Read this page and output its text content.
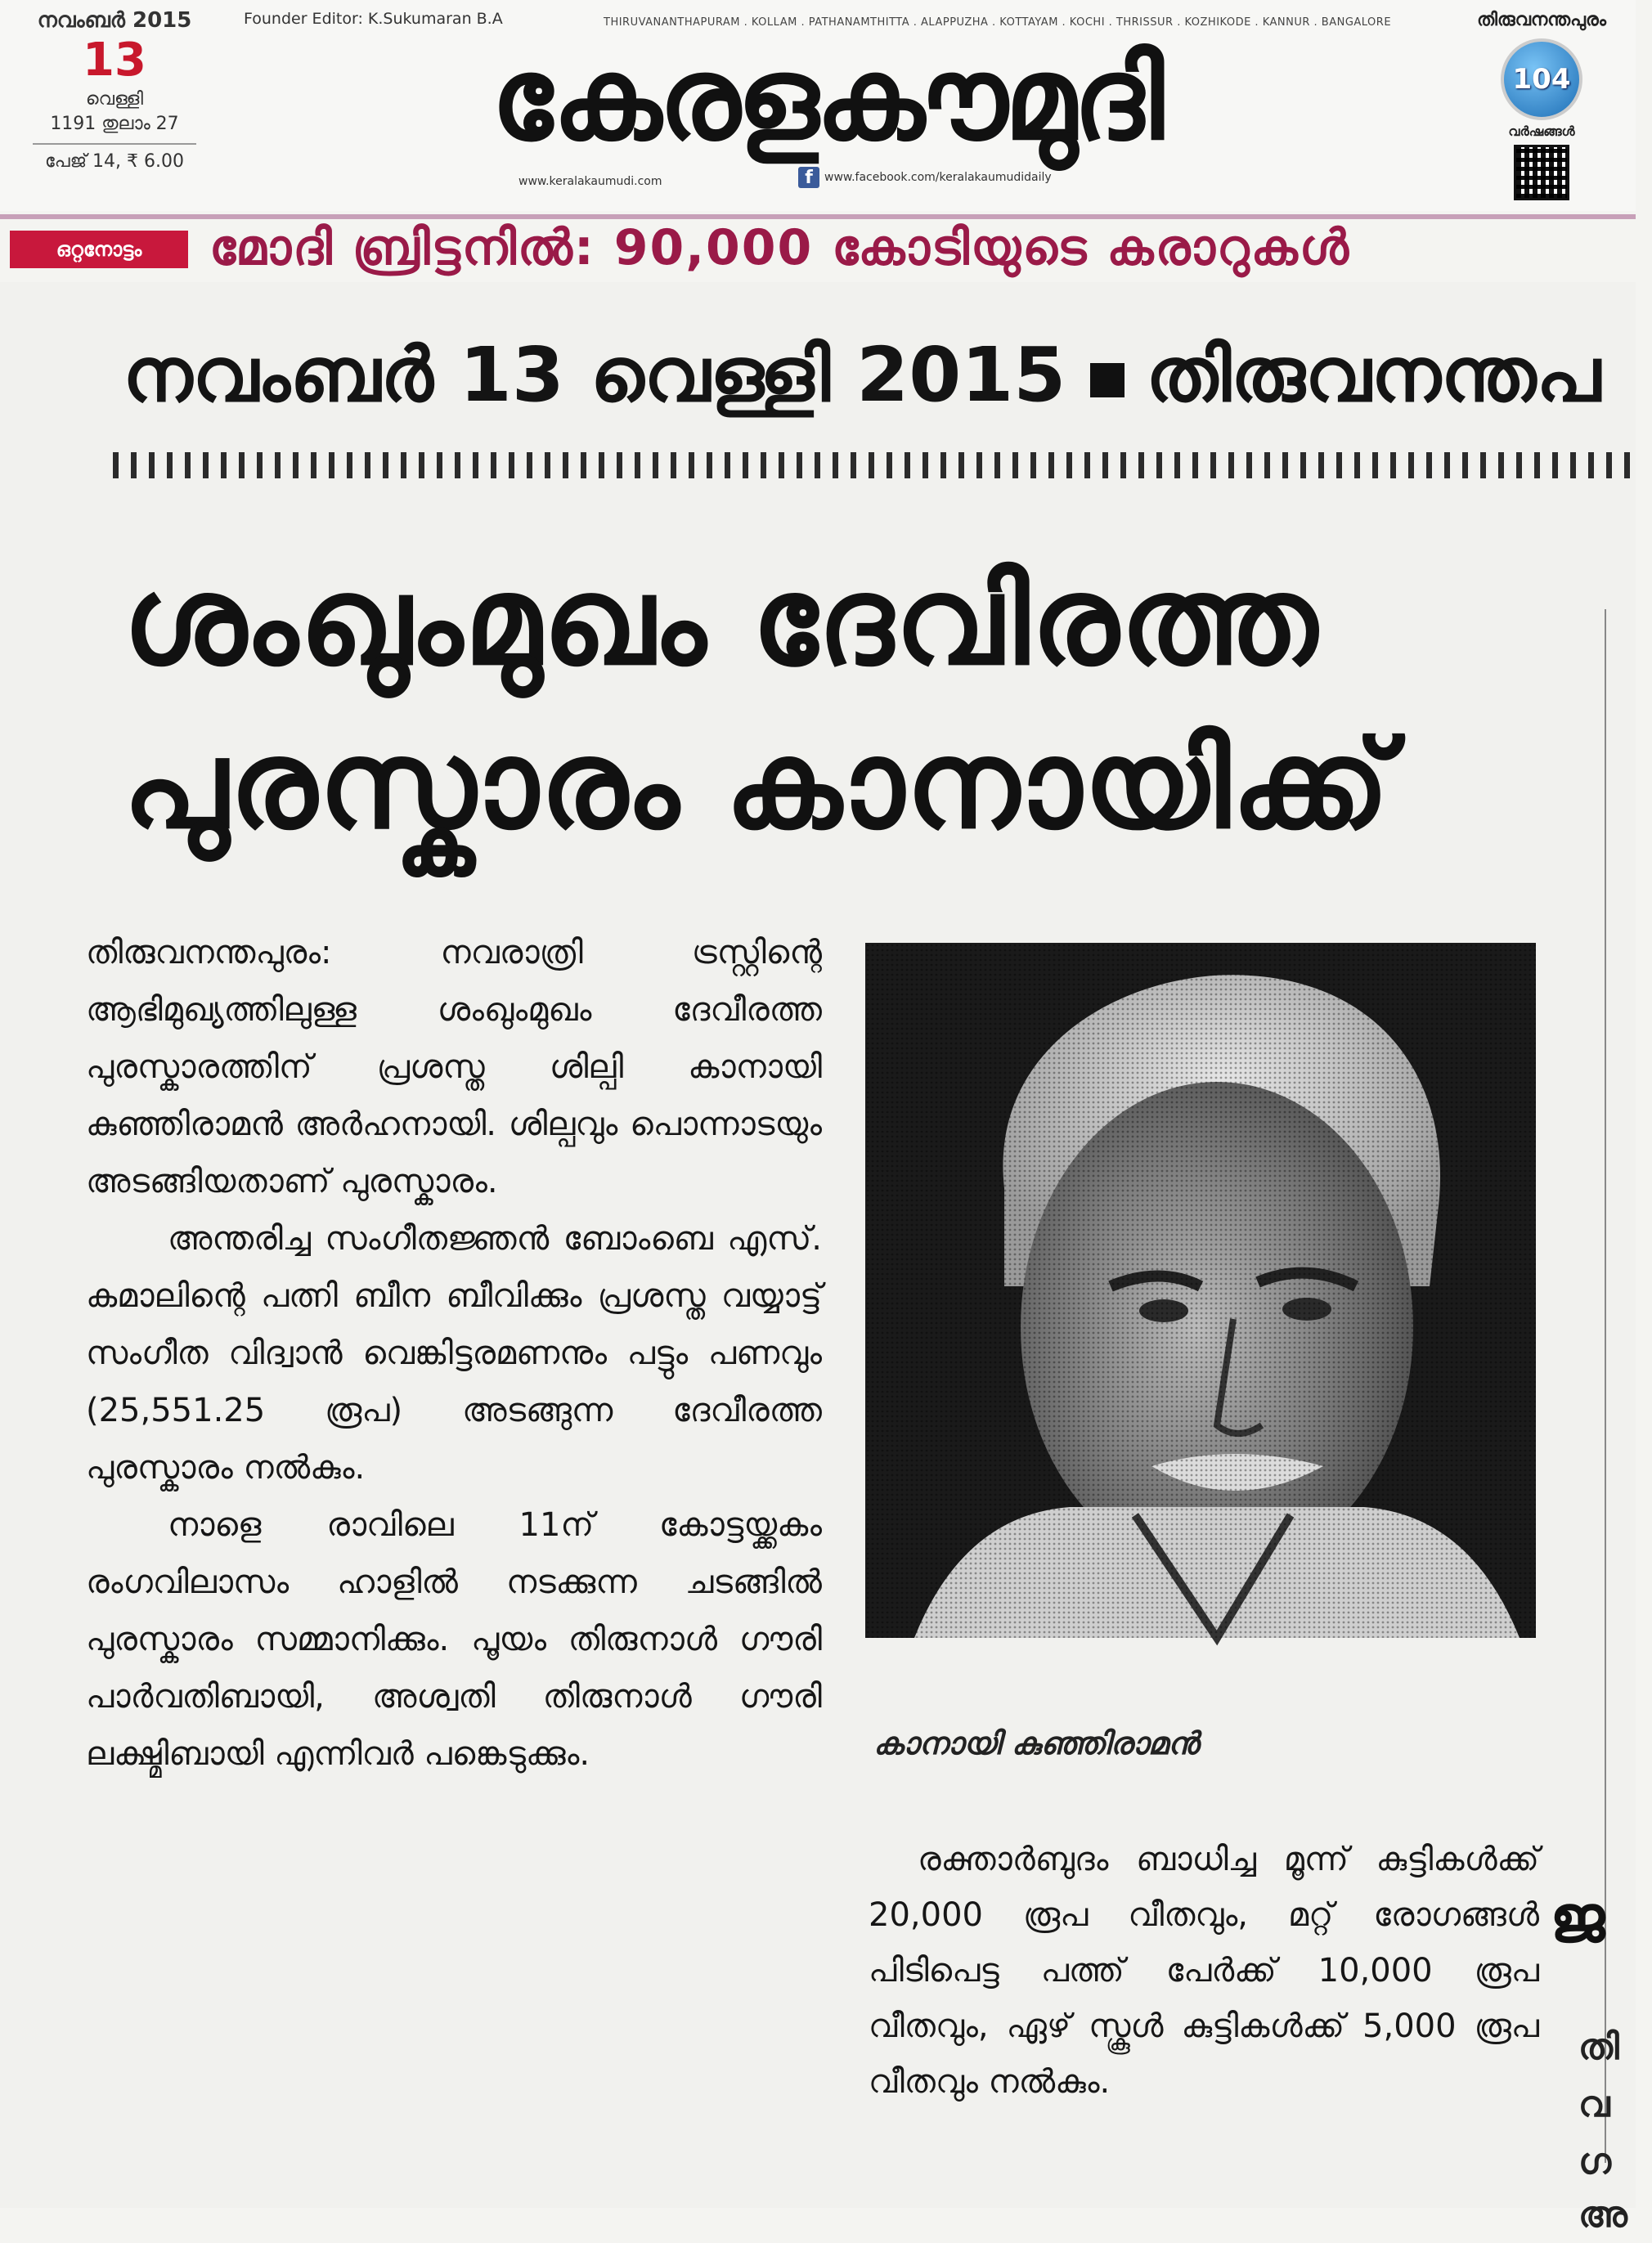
നവംബർ 2015
13
വെള്ളി
1191 തുലാം 27
പേജ് 14, ₹ 6.00
Founder Editor: K.Sukumaran B.A	THIRUVANANTHAPURAM . KOLLAM . PATHANAMTHITTA . ALAPPUZHA . KOTTAYAM . KOCHI . THRISSUR . KOZHIKODE . KANNUR . BANGALORE
കേരളകൗമുദി
www.keralakaumudi.com	f	www.facebook.com/keralakaumudidaily
തിരുവനന്തപുരം
104
വർഷങ്ങൾ
ഒറ്റനോട്ടം	മോദി ബ്രിട്ടനിൽ: 90,000 കോടിയുടെ കരാറുകൾ
നവംബർ 13 വെള്ളി 2015 തിരുവനന്തപ
ശംഖുംമുഖം ദേവിരത്ത
പുരസ്കാരം കാനായിക്ക്

തിരുവനന്തപുരം: നവരാത്രി ട്രസ്റ്റിന്റെ ആഭിമുഖ്യത്തിലുള്ള ശംഖുംമുഖം ദേവീരത്ത പുരസ്കാരത്തിന് പ്രശസ്ത ശില്പി കാനായി കുഞ്ഞിരാമൻ അർഹനായി. ശില്പവും പൊന്നാടയും അടങ്ങിയതാണ് പുരസ്കാരം.

അന്തരിച്ച സംഗീതജ്ഞൻ ബോംബെ എസ്. കമാലിന്റെ പത്നി ബീന ബീവിക്കും പ്രശസ്ത വയ്യാട്ട് സംഗീത വിദ്വാൻ വെങ്കിട്ടരമണനും പട്ടും പണവും (25,551.25 രൂപ) അടങ്ങുന്ന ദേവീരത്ത പുരസ്കാരം നൽകും.

നാളെ രാവിലെ 11ന് കോട്ടയ്ക്കകം രംഗവിലാസം ഹാളിൽ നടക്കുന്ന ചടങ്ങിൽ പുരസ്കാരം സമ്മാനിക്കും. പൂയം തിരുനാൾ ഗൗരി പാർവതിബായി, അശ്വതി തിരുനാൾ ഗൗരി ലക്ഷ്മിബായി എന്നിവർ പങ്കെടുക്കും.	കാനായി കുഞ്ഞിരാമൻ

രക്താർബുദം ബാധിച്ച മൂന്ന് കുട്ടികൾക്ക് 20,000 രൂപ വീതവും, മറ്റ് രോഗങ്ങൾ പിടിപെട്ട പത്ത് പേർക്ക് 10,000 രൂപ വീതവും, ഏഴ് സ്കൂൾ കുട്ടികൾക്ക് 5,000 രൂപ വീതവും നൽകും.

ജ
തി
വ
ഗ
അ
